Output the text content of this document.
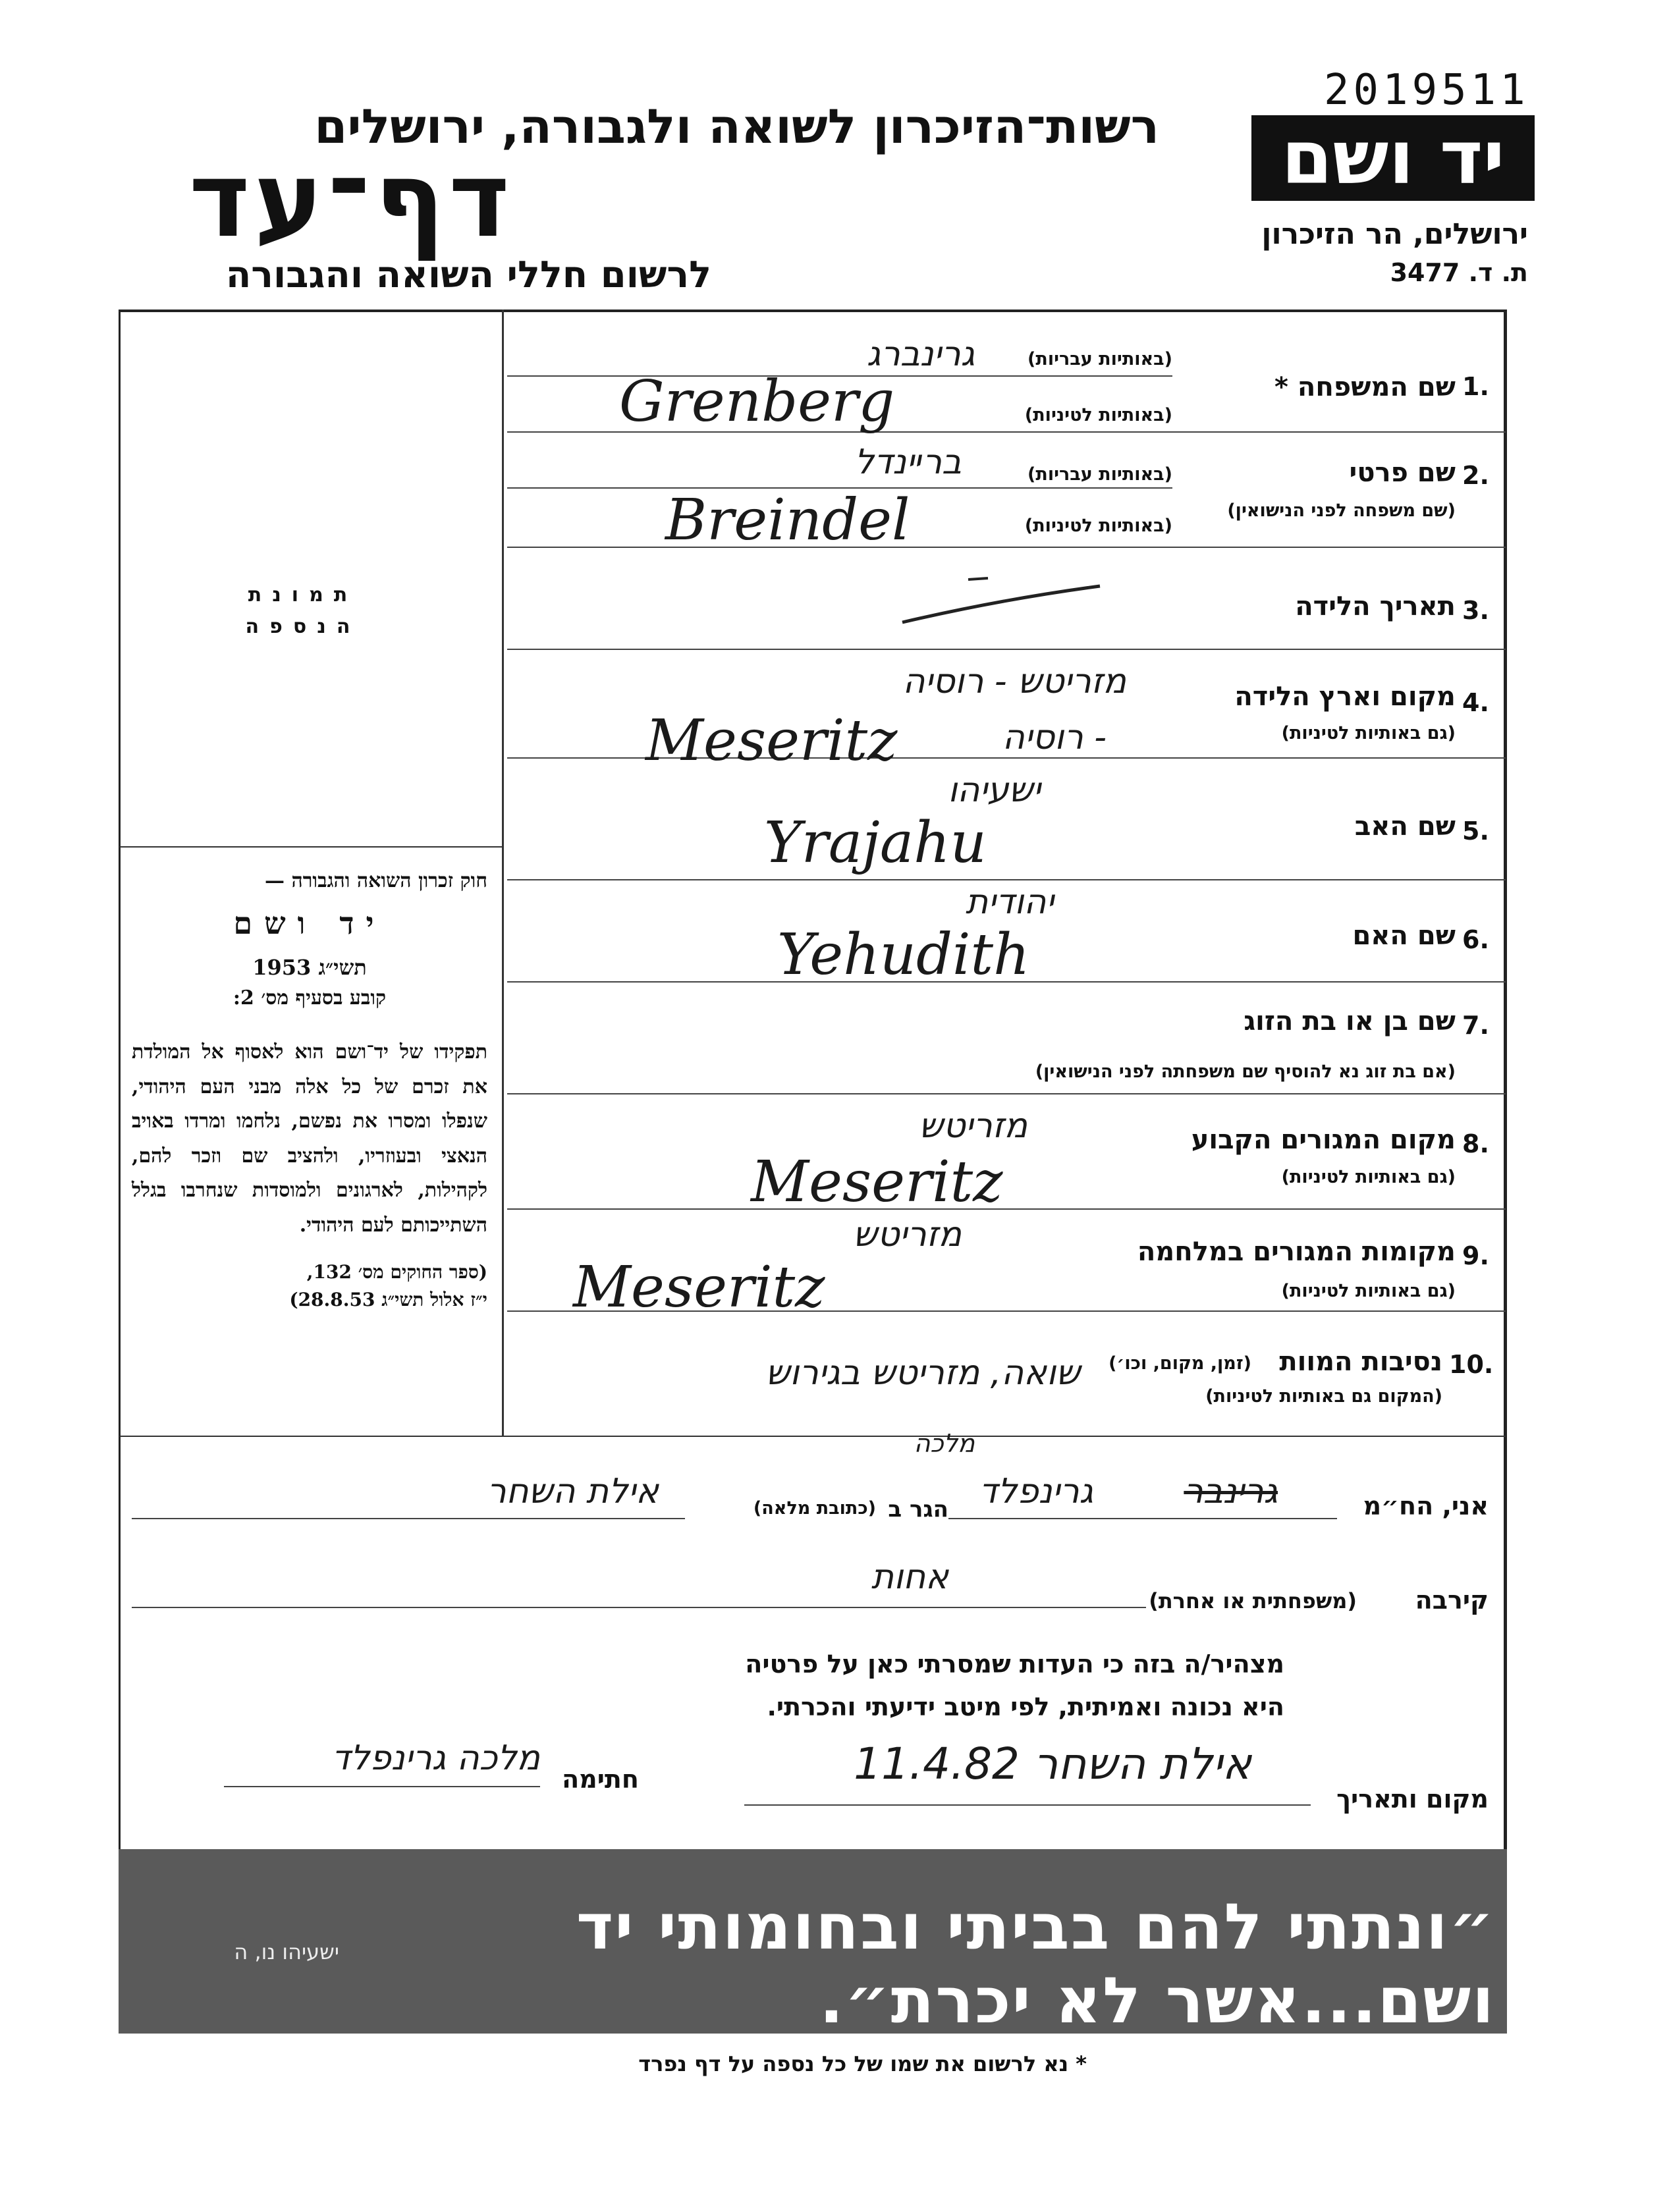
2019511
יד ושם
ירושלים, הר הזיכרון
ת. ד. 3477
רשות־הזיכרון לשואה ולגבורה, ירושלים
דף־עד
לרשום חללי השואה והגבורה
תמונת
הנספה

חוק זכרון השואה והגבורה —

יד ושם

תשי״ג 1953

קובע בסעיף מס׳ 2:

תפקידו של יד־ושם הוא לאסוף אל המולדת את זכרם של כל אלה מבני העם היהודי, שנפלו ומסרו את נפשם, נלחמו ומרדו באויב הנאצי ובעוזריו, ולהציב שם וזכר להם, לקהילות, לארגונים ולמוסדות שנחרבו בגלל השתייכותם לעם היהודי.

(ספר החוקים מס׳ 132,

י״ז אלול תשי״ג 28.8.53)

1.
שם המשפחה *
(באותיות עבריות)
(באותיות לטיניות)
גרינברג
Grenberg
2.
שם פרטי
(שם משפחה לפני הנישואין)
(באותיות עבריות)
(באותיות לטיניות)
ברײנדל
Breindel
3.
תאריך הלידה
4.
מקום וארץ הלידה
(גם באותיות לטיניות)
מזריטש - רוסיה
Meseritz	- רוסיה
5.
שם האב
ישעיהו
Yrajahu
6.
שם האם
יהודית
Yehudith
7.
שם בן או בת הזוג
(אם בת זוג נא להוסיף שם משפחתה לפני הנישואין)
8.
מקום המגורים הקבוע
(גם באותיות לטיניות)
מזריטש
Meseritz
9.
מקומות המגורים במלחמה
(גם באותיות לטיניות)
מזריטש
Meseritz
10.
נסיבות המוות
(זמן, מקום, וכו׳)
(המקום גם באותיות לטיניות)
שואה, מזריטש בגירוש
אני, הח״מ
גרינבר
גרינפלד
מלכה
הגר ב
(כתובת מלאה)
אילת השחר
קירבה
(משפחתית או אחרת)
אחות
מצהיר/ה בזה כי העדות שמסרתי כאן על פרטיה
היא נכונה ואמיתית, לפי מיטב ידיעתי והכרתי.
מקום ותאריך
אילת השחר 11.4.82
חתימה
מלכה גרינפלד
״ונתתי להם בביתי ובחומותי יד ושם...אשר לא יכרת״.
ישעיהו נו, ה
* נא לרשום את שמו של כל נספה על דף נפרד
